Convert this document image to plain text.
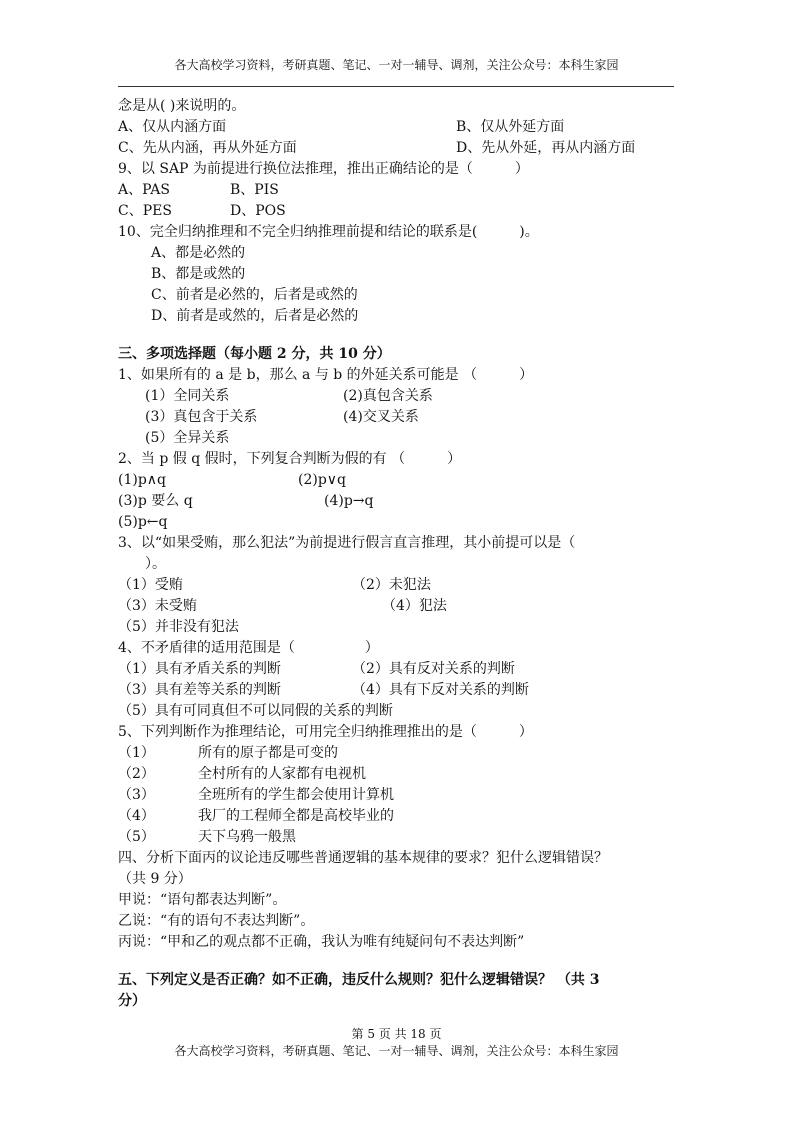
各大高校学习资料，考研真题、笔记、一对一辅导、调剂，关注公众号：本科生家园
念是从( )来说明的。
A、仅从内涵方面	B、仅从外延方面
C、先从内涵，再从外延方面	D、先从外延，再从内涵方面
9、以 SAP 为前提进行换位法推理，推出正确结论的是（　　　）
A、PAS	B、PIS
C、PES	D、POS
10、完全归纳推理和不完全归纳推理前提和结论的联系是(　　　)。
A、都是必然的
B、都是或然的
C、前者是必然的，后者是或然的
D、前者是或然的，后者是必然的
三、多项选择题（每小题 2 分，共 10 分）
1、如果所有的 a 是 b，那么 a 与 b 的外延关系可能是 （　　　）
(1）全同关系	(2)真包含关系
(3）真包含于关系	(4)交叉关系
(5）全异关系
2、当 p 假 q 假时，下列复合判断为假的有 （　　　）
(1)p∧q	(2)p∨q
(3)p 要么 q	(4)p→q
(5)p←q
3、以“如果受贿，那么犯法”为前提进行假言直言推理，其小前提可以是（
）。
（1）受贿	（2）未犯法
（3）未受贿	（4）犯法
（5）并非没有犯法
4、不矛盾律的适用范围是（　　　　　）
（1）具有矛盾关系的判断	（2）具有反对关系的判断
（3）具有差等关系的判断	（4）具有下反对关系的判断
（5）具有可同真但不可以同假的关系的判断
5、下列判断作为推理结论，可用完全归纳推理推出的是（　　　）
（1）	所有的原子都是可变的
（2）	全村所有的人家都有电视机
（3）	全班所有的学生都会使用计算机
（4）	我厂的工程师全都是高校毕业的
（5）	天下乌鸦一般黑
四、分析下面丙的议论违反哪些普通逻辑的基本规律的要求？犯什么逻辑错误？
（共 9 分）
甲说：“语句都表达判断”。
乙说：“有的语句不表达判断”。
丙说：“甲和乙的观点都不正确，我认为唯有纯疑问句不表达判断”
五、下列定义是否正确？如不正确，违反什么规则？犯什么逻辑错误？ （共 3
分）
第 5 页 共 18 页
各大高校学习资料，考研真题、笔记、一对一辅导、调剂，关注公众号：本科生家园
